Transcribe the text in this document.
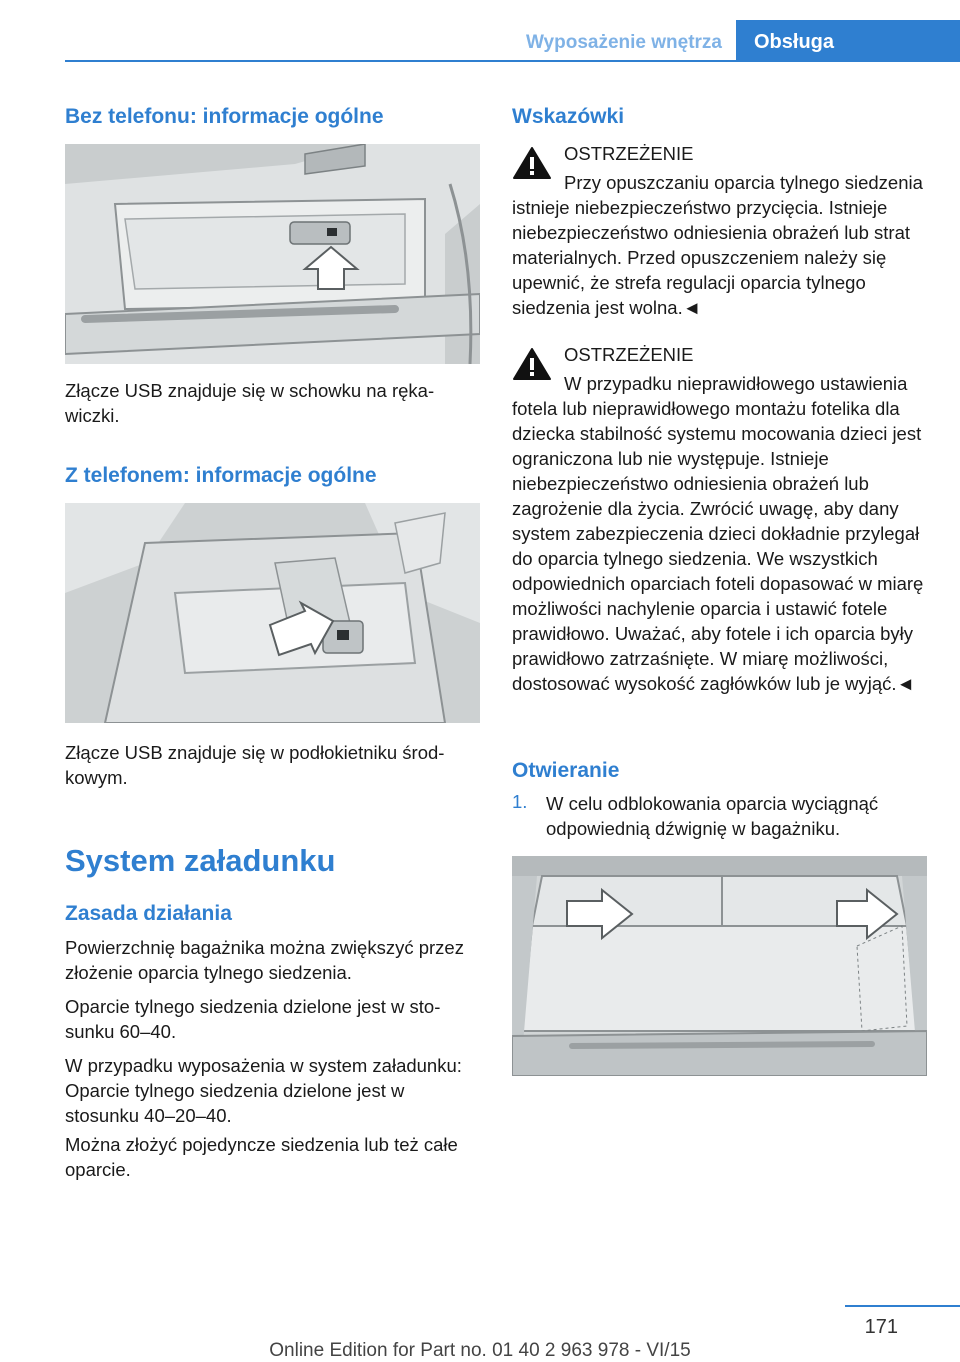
Wyposażenie wnętrza	Obsługa
Bez telefonu: informacje ogólne

Złącze USB znajduje się w schowku na rękawiczki.

Z telefonem: informacje ogólne

Złącze USB znajduje się w podłokietniku środkowym.

System załadunku
Zasada działania

Powierzchnię bagażnika można zwiększyć przez złożenie oparcia tylnego siedzenia.

Oparcie tylnego siedzenia dzielone jest w stosunku 60–40.

W przypadku wyposażenia w system załadunku: Oparcie tylnego siedzenia dzielone jest w stosunku 40–20–40.

Można złożyć pojedyncze siedzenia lub też całe oparcie.

Wskazówki
OSTRZEŻENIE

Przy opuszczaniu oparcia tylnego siedzenia istnieje niebezpieczeństwo przycięcia. Istnieje niebezpieczeństwo odniesienia obrażeń lub strat materialnych. Przed opuszczeniem należy się upewnić, że strefa regulacji oparcia tylnego siedzenia jest wolna.◄

OSTRZEŻENIE

W przypadku nieprawidłowego ustawienia fotela lub nieprawidłowego montażu fotelika dla dziecka stabilność systemu mocowania dzieci jest ograniczona lub nie występuje. Istnieje niebezpieczeństwo odniesienia obrażeń lub zagrożenie dla życia. Zwrócić uwagę, aby dany system zabezpieczenia dzieci dokładnie przylegał do oparcia tylnego siedzenia. We wszystkich odpowiednich oparciach foteli dopasować w miarę możliwości nachylenie oparcia i ustawić fotele prawidłowo. Uważać, aby fotele i ich oparcia były prawidłowo zatrzaśnięte. W miarę możliwości, dostosować wysokość zagłówków lub je wyjąć.◄

Otwieranie
1. W celu odblokowania oparcia wyciągnąć odpowiednią dźwignię w bagażniku.

171
Online Edition for Part no. 01 40 2 963 978 - VI/15
